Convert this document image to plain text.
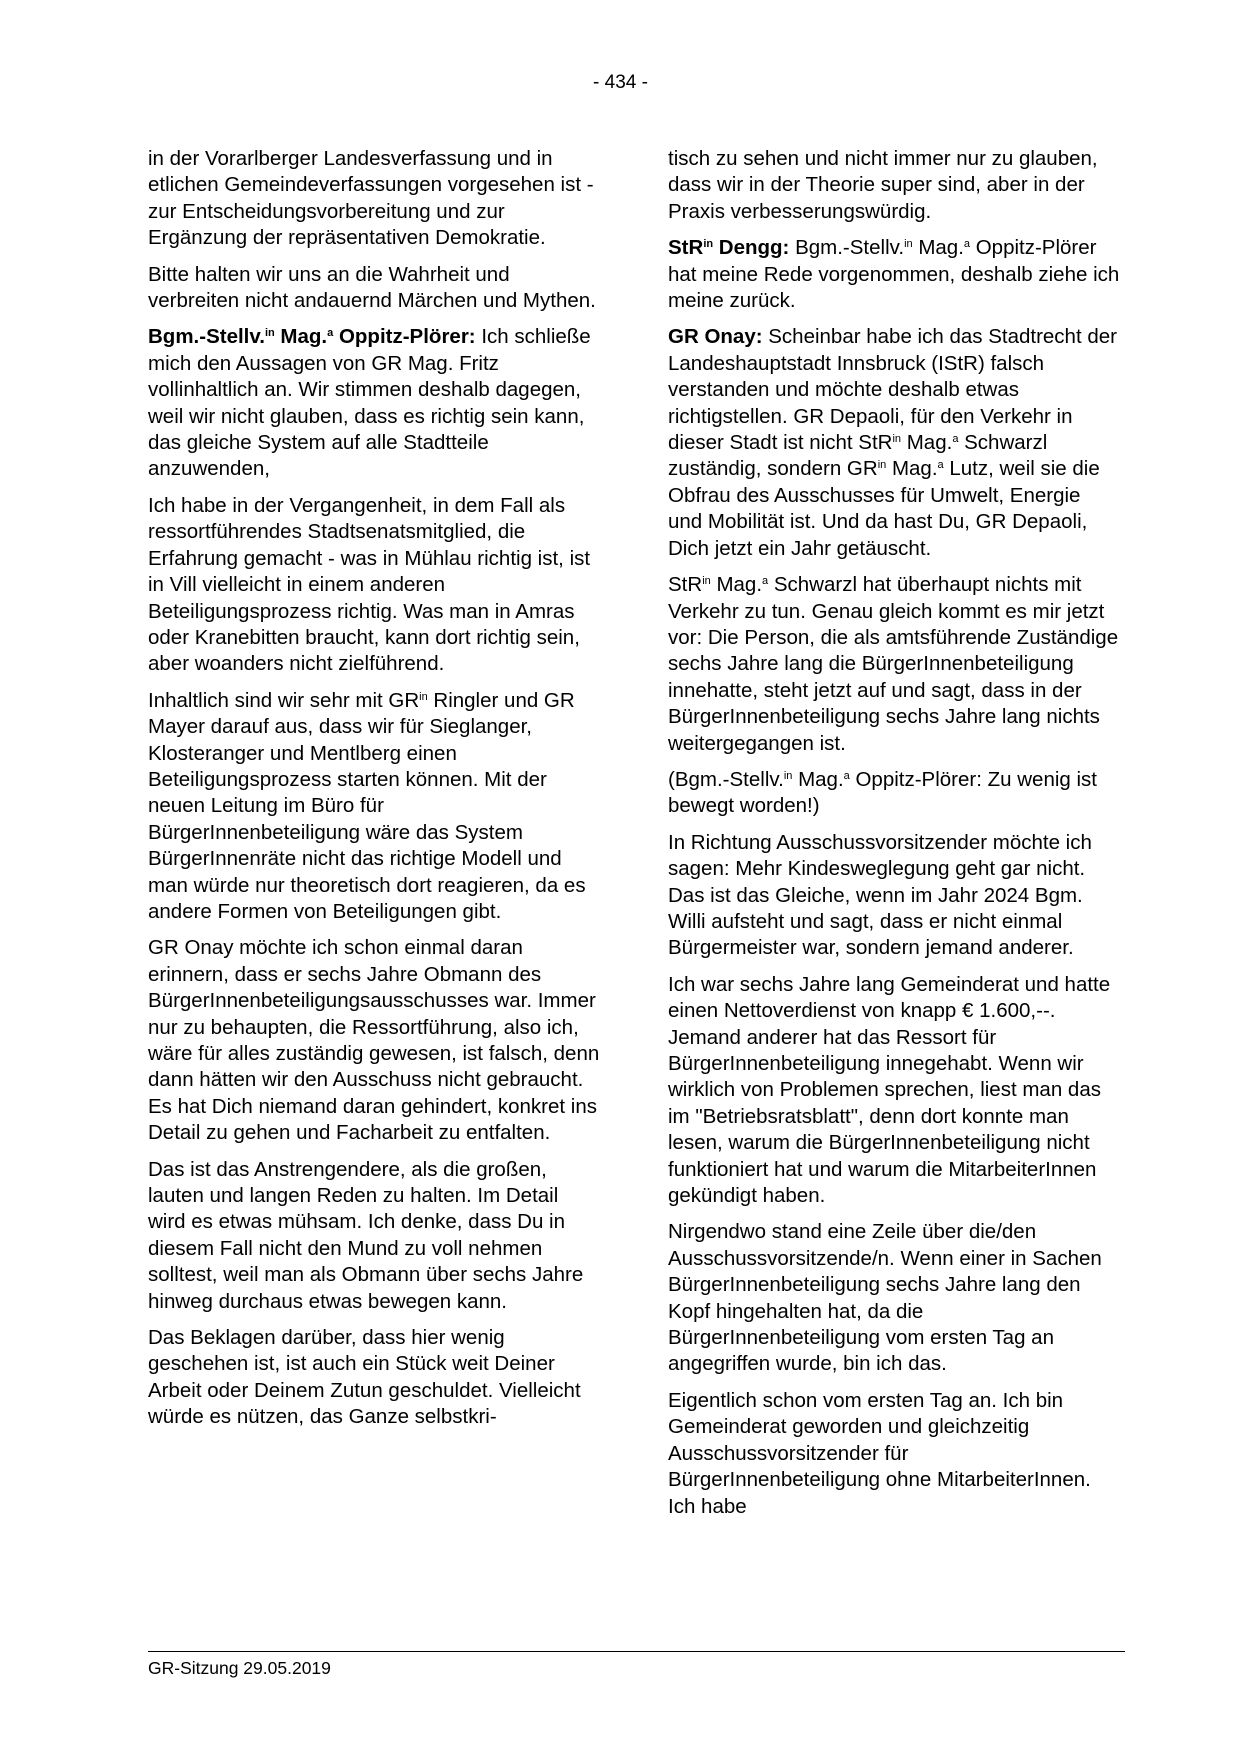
- 434 -

in der Vorarlberger Landesverfassung und in etlichen Gemeindeverfassungen vorgesehen ist - zur Entscheidungsvorbereitung und zur Ergänzung der repräsentativen Demokratie.

Bitte halten wir uns an die Wahrheit und verbreiten nicht andauernd Märchen und Mythen.

Bgm.-Stellv.$^{in}$ Mag.$^a$ Oppitz-Plörer: Ich schließe mich den Aussagen von GR Mag. Fritz vollinhaltlich an. Wir stimmen deshalb dagegen, weil wir nicht glauben, dass es richtig sein kann, das gleiche System auf alle Stadtteile anzuwenden,

Ich habe in der Vergangenheit, in dem Fall als ressortführendes Stadtsenatsmitglied, die Erfahrung gemacht - was in Mühlau richtig ist, ist in Vill vielleicht in einem anderen Beteiligungsprozess richtig. Was man in Amras oder Kranebitten braucht, kann dort richtig sein, aber woanders nicht zielführend.

Inhaltlich sind wir sehr mit $GR^{in}$ Ringler und GR Mayer darauf aus, dass wir für Sieglanger, Klosteranger und Mentlberg einen Beteiligungsprozess starten können. Mit der neuen Leitung im Büro für BürgerInnenbeteiligung wäre das System BürgerInnenräte nicht das richtige Modell und man würde nur theoretisch dort reagieren, da es andere Formen von Beteiligungen gibt.

GR Onay möchte ich schon einmal daran erinnern, dass er sechs Jahre Obmann des BürgerInnenbeteiligungsausschusses war. Immer nur zu behaupten, die Ressortführung, also ich, wäre für alles zuständig gewesen, ist falsch, denn dann hätten wir den Ausschuss nicht gebraucht. Es hat Dich niemand daran gehindert, konkret ins Detail zu gehen und Facharbeit zu entfalten.

Das ist das Anstrengendere, als die großen, lauten und langen Reden zu halten. Im Detail wird es etwas mühsam. Ich denke, dass Du in diesem Fall nicht den Mund zu voll nehmen solltest, weil man als Obmann über sechs Jahre hinweg durchaus etwas bewegen kann.

Das Beklagen darüber, dass hier wenig geschehen ist, ist auch ein Stück weit Deiner Arbeit oder Deinem Zutun geschuldet. Vielleicht würde es nützen, das Ganze selbstkri-

tisch zu sehen und nicht immer nur zu glauben, dass wir in der Theorie super sind, aber in der Praxis verbesserungswürdig.

StR$^{in}$ Dengg: Bgm.-Stellv.$^{in}$ Mag.$^a$ Oppitz-Plörer hat meine Rede vorgenommen, deshalb ziehe ich meine zurück.

GR Onay: Scheinbar habe ich das Stadtrecht der Landeshauptstadt Innsbruck (IStR) falsch verstanden und möchte deshalb etwas richtigstellen. GR Depaoli, für den Verkehr in dieser Stadt ist nicht StR$^{in}$ Mag.$^a$ Schwarzl zuständig, sondern $GR^{in}$ Mag.$^a$ Lutz, weil sie die Obfrau des Ausschusses für Umwelt, Energie und Mobilität ist. Und da hast Du, GR Depaoli, Dich jetzt ein Jahr getäuscht.

StR$^{in}$ Mag.$^a$ Schwarzl hat überhaupt nichts mit Verkehr zu tun. Genau gleich kommt es mir jetzt vor: Die Person, die als amtsführende Zuständige sechs Jahre lang die BürgerInnenbeteiligung innehatte, steht jetzt auf und sagt, dass in der BürgerInnenbeteiligung sechs Jahre lang nichts weitergegangen ist.

(Bgm.-Stellv.$^{in}$ Mag.$^a$ Oppitz-Plörer: Zu wenig ist bewegt worden!)

In Richtung Ausschussvorsitzender möchte ich sagen: Mehr Kindesweglegung geht gar nicht. Das ist das Gleiche, wenn im Jahr 2024 Bgm. Willi aufsteht und sagt, dass er nicht einmal Bürgermeister war, sondern jemand anderer.

Ich war sechs Jahre lang Gemeinderat und hatte einen Nettoverdienst von knapp € 1.600,--. Jemand anderer hat das Ressort für BürgerInnenbeteiligung innegehabt. Wenn wir wirklich von Problemen sprechen, liest man das im "Betriebsratsblatt", denn dort konnte man lesen, warum die BürgerInnenbeteiligung nicht funktioniert hat und warum die MitarbeiterInnen gekündigt haben.

Nirgendwo stand eine Zeile über die/den Ausschussvorsitzende/n. Wenn einer in Sachen BürgerInnenbeteiligung sechs Jahre lang den Kopf hingehalten hat, da die BürgerInnenbeteiligung vom ersten Tag an angegriffen wurde, bin ich das.

Eigentlich schon vom ersten Tag an. Ich bin Gemeinderat geworden und gleichzeitig Ausschussvorsitzender für BürgerInnenbeteiligung ohne MitarbeiterInnen. Ich habe

GR-Sitzung 29.05.2019
